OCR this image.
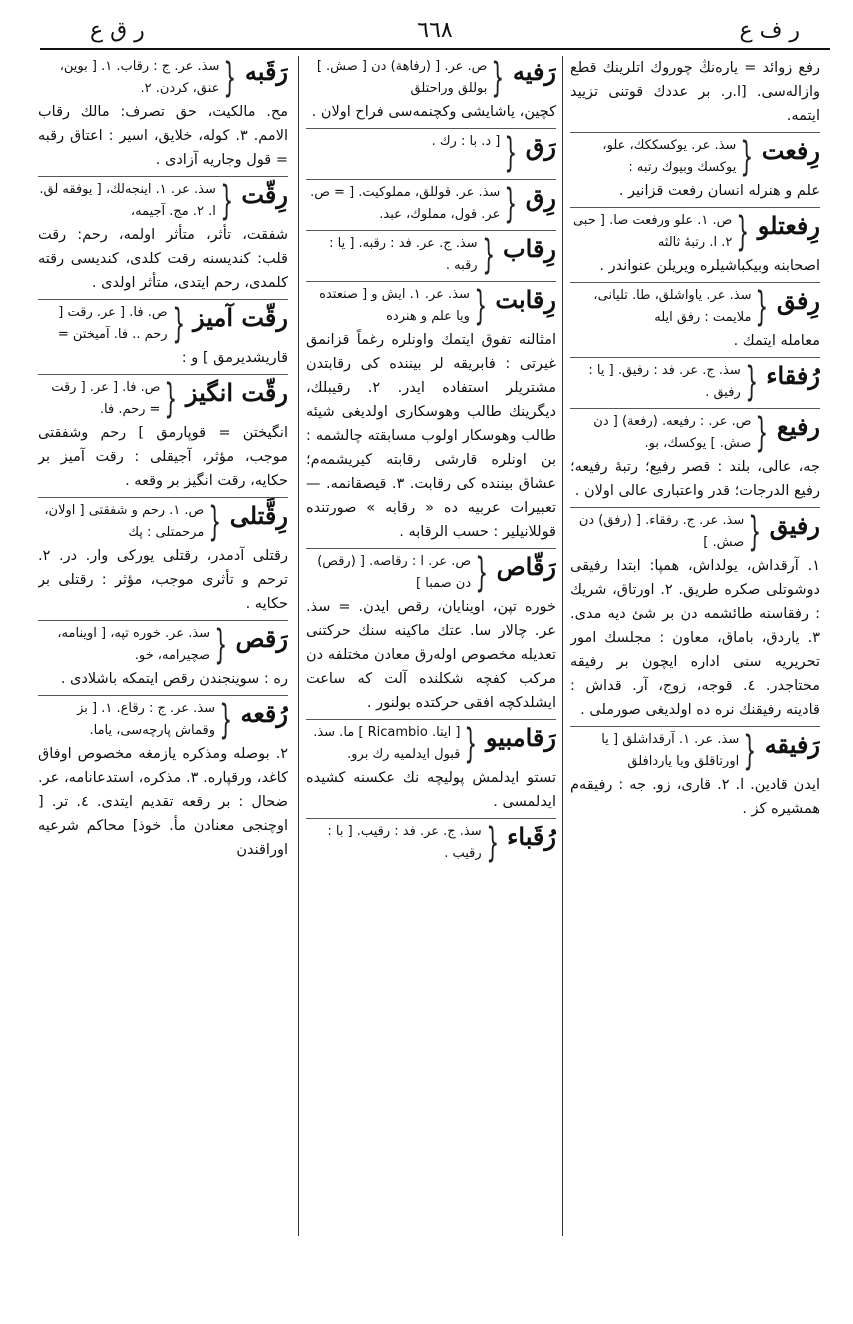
ر ف ع
٦٦٨
ر ق ع
رفع زوائد = يارەنڭ چوروك اتلرينك قطع وازالەسی. [ا.ر. بر عددك قوتنى تزييد ايتمه.
رِفعت
{
سذ. عر. يوكسككك، علو، يوكسك وبيوك رتبه :
علم و هنرله انسان رفعت قزانير .
رِفعتلو
{
ص. ١. علو ورفعت صا. [ حبى ٢. ا. رتبۀ ثالثه
اصحابنه وبيكباشيلره ويريلن عنواندر .
رِفق
{
سذ. عر. ياواشلق، طا. تليانى، ملايمت : رفق ايله
معامله ايتمك .
رُفقاء
{
سذ. ج. عر. فد : رفيق. [ يا : رفيق .
رفيع
{
ص. عر. : رفيعه. (رفعة) [ دن صش. ] يوكسك، بو.
جه، عالى، بلند : قصر رفيع؛ رتبۀ رفيعه؛ رفيع الدرجات؛ قدر واعتبارى عالى اولان .
رفيق
{
سذ. عر. ج. رفقاء. [ (رفق) دن صش. ]
١. آرقداش، يولداش، همپا: ابتدا رفيقى دوشوتلى صكره طريق. ٢. اورتاق، شريك : رفقاسنه طائشمه دن بر شئ ديه مدى. ٣. ياردق، باماق، معاون : مجلسك امور تحريريه سنى اداره ايچون بر رفيقه محتاجدر. ٤. قوجه، زوج، آر. قداش : قادينه رفيقنك نره ده اولديغى صورملى .
رَفيقه
{
سذ. عر. ١. آرقداشلق [ يا اورتاقلق ويا ياردافلق
ايدن قادين. ا. ٢. قارى، زو. جه : رفيقەم همشيره كز .
رَفيه
{
ص. عر. [ (رفاهة) دن [ صش. ] بوللق وراحتلق
كچين، ياشايشى وكچنمەسى فراح اولان .
رَق
{
[ د. با : رك .
رِق
{
سذ. عر. قوللق، مملوكيت. [ = ص. عر. قول، مملوك، عبد.
رِقاب
{
سذ. ج. عر. فد : رقبه. [ يا : رقبه .
رِقابت
{
سذ. عر. ١. ايش و [ صنعتده ويا علم و هنرده
امثالنه تفوق ايتمك واونلره رغماً قزانمق غيرتى : فابريقه لر بيننده كى رقابتدن مشتريلر استفاده ايدر. ٢. رقيبلك، ديگرينك طالب وهوسكارى اولديغى شيئه طالب وهوسكار اولوب مسابقته چالشمه : بن اونلره قارشى رقابته كيريشمەم؛ عشاق بيننده كى رقابت. ٣. قيصقانمه. — تعبيرات عربيه ده « رقابه » صورتنده قوللانيلير : حسب الرقابه .
رَقّاص
{
ص. عر. ا : رقاصه. [ (رقص) دن صمبا ]
خوره تپن، اوينايان، رقص ايدن. = سذ. عر. چالار سا. عتك ماكينه سنك حركتنى تعديله مخصوص اولەرق معادن مختلفه دن مركب كفچه شكلنده آلت كه ساعت ايشلدكچه افقى حركتده بولنور .
رَقامبيو
{
[ ايتا. Ricambio ] ما. سذ. قبول ايدلميه رك برو.
تستو ايدلمش پوليچه نك عكسنه كشيده ايدلمسى .
رُقَباء
{
سذ. ج. عر. فد : رقيب. [ با : رقيب .
رَقَبه
{
سذ. عر. ج : رقاب. ١. [ بوين، عنق، كردن. ٢.
مح. مالكيت، حق تصرف: مالك رقاب الامم. ٣. كوله، خلايق، اسير : اعتاق رقبه = قول وجاريه آزادى .
رِقّت
{
سذ. عر. ١. اينجەلك، [ يوفقه لق. ا. ٢. مج. آجيمه،
شفقت، تأثر، متأثر اولمه، رحم: رقت قلب: كنديسنه رقت كلدى، كنديسى رقته كلمدى، رحم ايتدى، متأثر اولدى .
رقّت آميز
{
ص. فا. [ عر. رقت [ رحم .. فا. آميختن =
قاريشديرمق ] و :
رقّت انگيز
{
ص. فا. [ عر. [ رقت = رحم. فا.
انگيختن = قوپارمق ] رحم وشفقتى موجب، مؤثر، آجيقلى : رقت آميز بر حكايه، رقت انگيز بر وقعه .
رِقَّتلى
{
ص. ١. رحم و شفقتى [ اولان، مرحمتلى : پك
رقتلى آدمدر، رقتلى يوركى وار. در. ٢. ترحم و تأثرى موجب، مؤثر : رقتلى بر حكايه .
رَقص
{
سذ. عر. خوره تپه، [ اوينامه، صچيرامه، خو.
ره : سوينجندن رقص ايتمكه باشلادى .
رُقعه
{
سذ. عر. ج : رقاع. ١. [ بز وقماش پارچەسى، ياما.
٢. بوصله ومذكره يازمغه مخصوص اوفاق كاغد، ورقپاره. ٣. مذكره، استدعانامه، عر. ضحال : بر رقعه تقديم ايتدى. ٤. تر. [ اوچنجى معنادن مأ. خوذ] محاكم شرعيه اوراقندن
